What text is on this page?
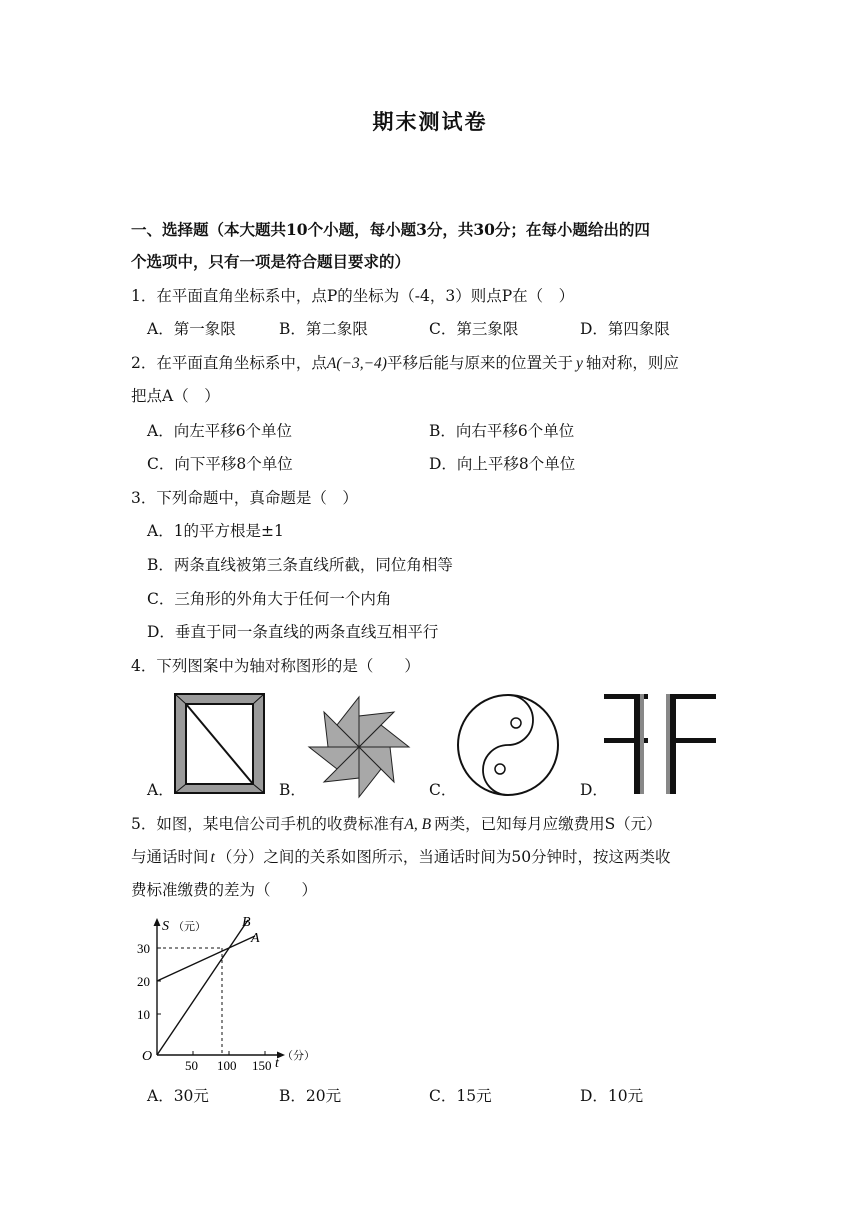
期末测试卷
一、选择题（本大题共10个小题，每小题3分，共30分；在每小题给出的四
个选项中，只有一项是符合题目要求的）
1．在平面直角坐标系中，点P的坐标为（-4，3）则点P在（　）
A．第一象限	B．第二象限	C．第三象限	D．第四象限
2．在平面直角坐标系中，点A(−3,−4)平移后能与原来的位置关于 y 轴对称，则应
把点A（　）
A．向左平移6个单位	B．向右平移6个单位
C．向下平移8个单位	D．向上平移8个单位
3．下列命题中，真命题是（　）
A．1的平方根是±1
B．两条直线被第三条直线所截，同位角相等
C．三角形的外角大于任何一个内角
D．垂直于同一条直线的两条直线互相平行
4．下列图案中为轴对称图形的是（　　）
A．	B．	C．	D．
5．如图，某电信公司手机的收费标准有A, B 两类，已知每月应缴费用S（元）
与通话时间 t （分）之间的关系如图所示，当通话时间为50分钟时，按这两类收
费标准缴费的差为（　　）
S （元）
30
20
10
O
50 100 150 t
（分）
B
A
A．30元	B．20元	C．15元	D．10元
